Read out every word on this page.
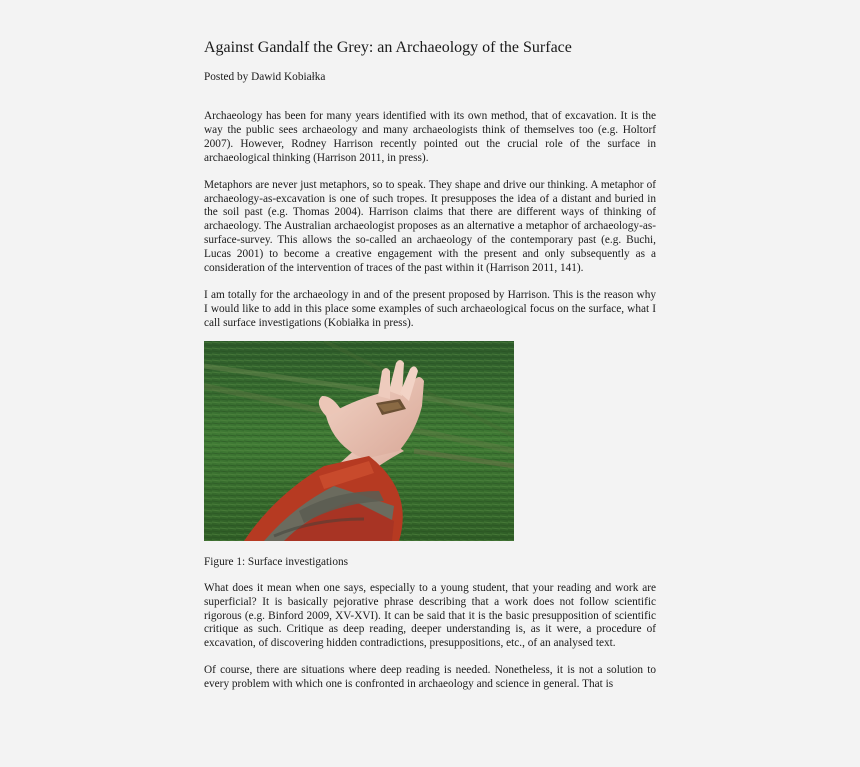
Against Gandalf the Grey: an Archaeology of the Surface
Posted by Dawid Kobiałka

Archaeology has been for many years identified with its own method, that of excavation. It is the way the public sees archaeology and many archaeologists think of themselves too (e.g. Holtorf 2007). However, Rodney Harrison recently pointed out the crucial role of the surface in archaeological thinking (Harrison 2011, in press).

Metaphors are never just metaphors, so to speak. They shape and drive our thinking. A metaphor of archaeology-as-excavation is one of such tropes. It presupposes the idea of a distant and buried in the soil past (e.g. Thomas 2004). Harrison claims that there are different ways of thinking of archaeology. The Australian archaeologist proposes as an alternative a metaphor of archaeology-as-surface-survey. This allows the so-called an archaeology of the contemporary past (e.g. Buchi, Lucas 2001) to become a creative engagement with the present and only subsequently as a consideration of the intervention of traces of the past within it (Harrison 2011, 141).

I am totally for the archaeology in and of the present proposed by Harrison. This is the reason why I would like to add in this place some examples of such archaeological focus on the surface, what I call surface investigations (Kobiałka in press).

Figure 1: Surface investigations

What does it mean when one says, especially to a young student, that your reading and work are superficial? It is basically pejorative phrase describing that a work does not follow scientific rigorous (e.g. Binford 2009, XV-XVI). It can be said that it is the basic presupposition of scientific critique as such. Critique as deep reading, deeper understanding is, as it were, a procedure of excavation, of discovering hidden contradictions, presuppositions, etc., of an analysed text.

Of course, there are situations where deep reading is needed. Nonetheless, it is not a solution to every problem with which one is confronted in archaeology and science in general. That is
